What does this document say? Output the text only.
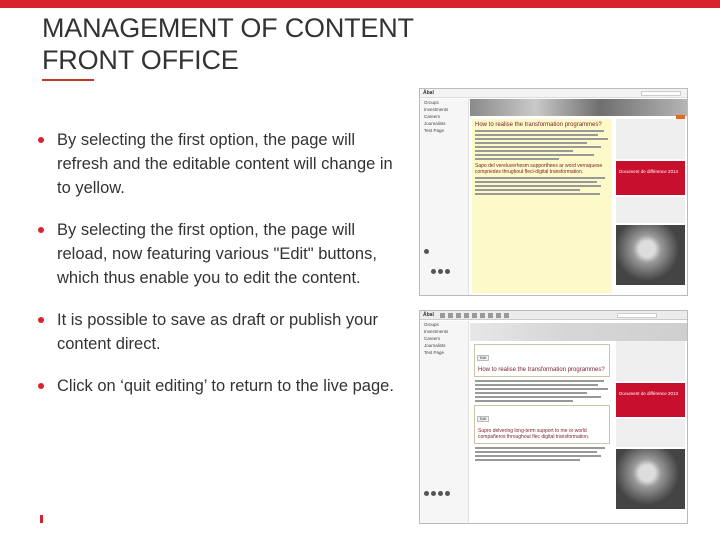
MANAGEMENT OF CONTENT
FRONT OFFICE
By selecting the first option, the page will refresh and the editable content will change in to yellow.
By selecting the first option, the page will reload, now featuring various "Edit" buttons, which thus enable you to edit the content.
It is possible to save as draft or publish your content direct.
Click on ‘quit editing’ to return to the live page.
Ábal
Groups
Investments
Careers
Journalists
Test Page
How to realise the transformation programmes?
Sapo del vereluverhesm supporthees ar word verraquese compriedes thrughout flecl-digital transformation.	Document de différence 2014
Ábal
Groups
Investments
Careers
Journalists
Test Page
Edit
How to realise the transformation programmes?
Edit
Supro delvering long-term support to me or world compañeros throughout flec digital transformation.
Document de différence 2013
